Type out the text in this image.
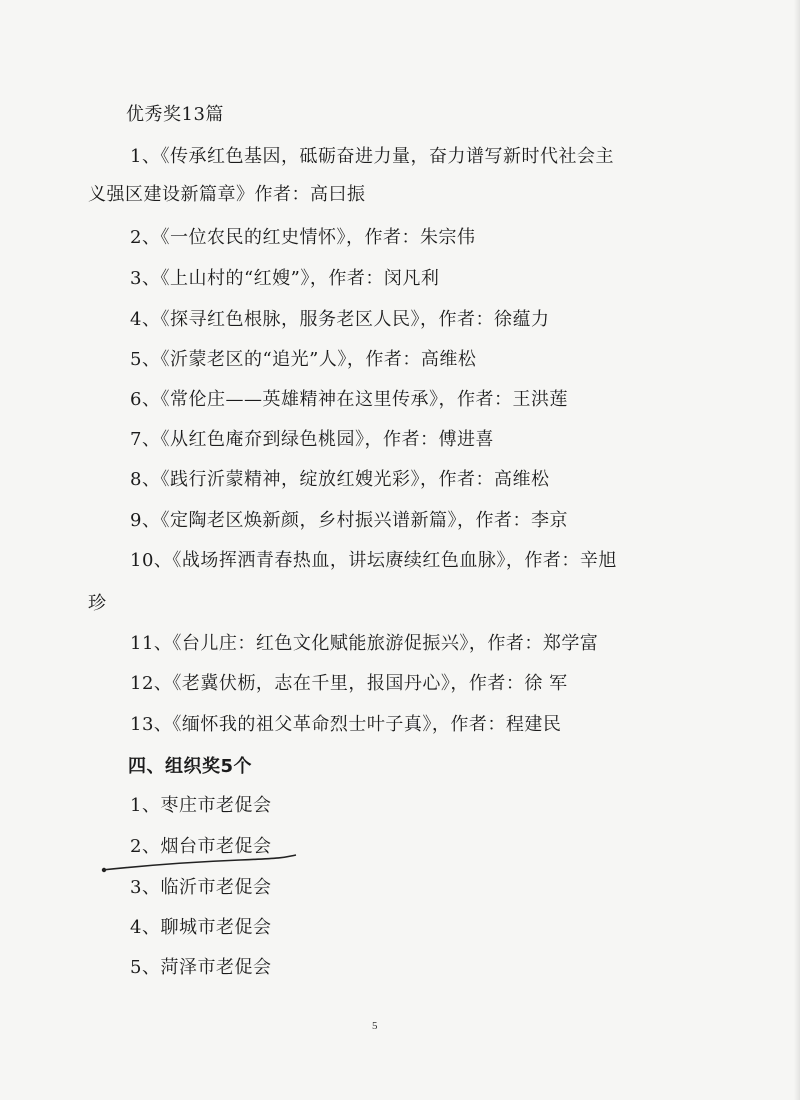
优秀奖13篇
1、《传承红色基因，砥砺奋进力量，奋力谱写新时代社会主
义强区建设新篇章》作者：高曰振
2、《一位农民的红史情怀》，作者：朱宗伟
3、《上山村的“红嫂”》，作者：闵凡利
4、《探寻红色根脉，服务老区人民》，作者：徐蕴力
5、《沂蒙老区的“追光”人》，作者：高维松
6、《常伦庄——英雄精神在这里传承》，作者：王洪莲
7、《从红色庵夼到绿色桃园》，作者：傅进喜
8、《践行沂蒙精神，绽放红嫂光彩》，作者：高维松
9、《定陶老区焕新颜，乡村振兴谱新篇》，作者：李京
10、《战场挥洒青春热血，讲坛赓续红色血脉》，作者：辛旭
珍
11、《台儿庄：红色文化赋能旅游促振兴》，作者：郑学富
12、《老冀伏枥，志在千里，报国丹心》，作者：徐 军
13、《缅怀我的祖父革命烈士叶子真》，作者：程建民
四、组织奖5个
1、枣庄市老促会
2、烟台市老促会
3、临沂市老促会
4、聊城市老促会
5、菏泽市老促会
5
